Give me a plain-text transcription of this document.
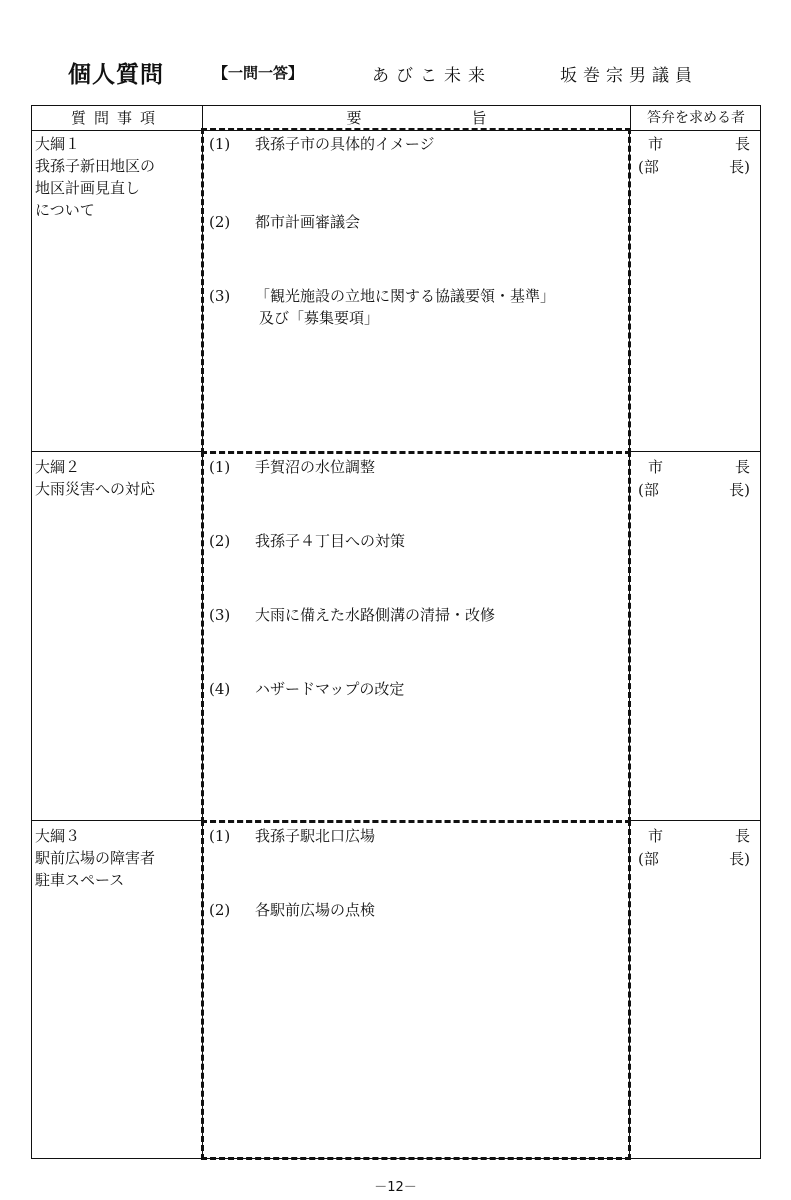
個人質問	【一問一答】	あびこ未来	坂巻宗男議員
質問事項	要	旨	答弁を求める者
大綱１
我孫子新田地区の
地区計画見直し
について
(1)	我孫子市の具体的イメージ
(2)	都市計画審議会
(3)	「観光施設の立地に関する協議要領・基準」
及び「募集要項」
市	長
(部	長)
大綱２
大雨災害への対応
(1)	手賀沼の水位調整
(2)	我孫子４丁目への対策
(3)	大雨に備えた水路側溝の清掃・改修
(4)	ハザードマップの改定
市	長
(部	長)
大綱３
駅前広場の障害者
駐車スペース
(1)	我孫子駅北口広場
(2)	各駅前広場の点検
市	長
(部	長)
－12－
